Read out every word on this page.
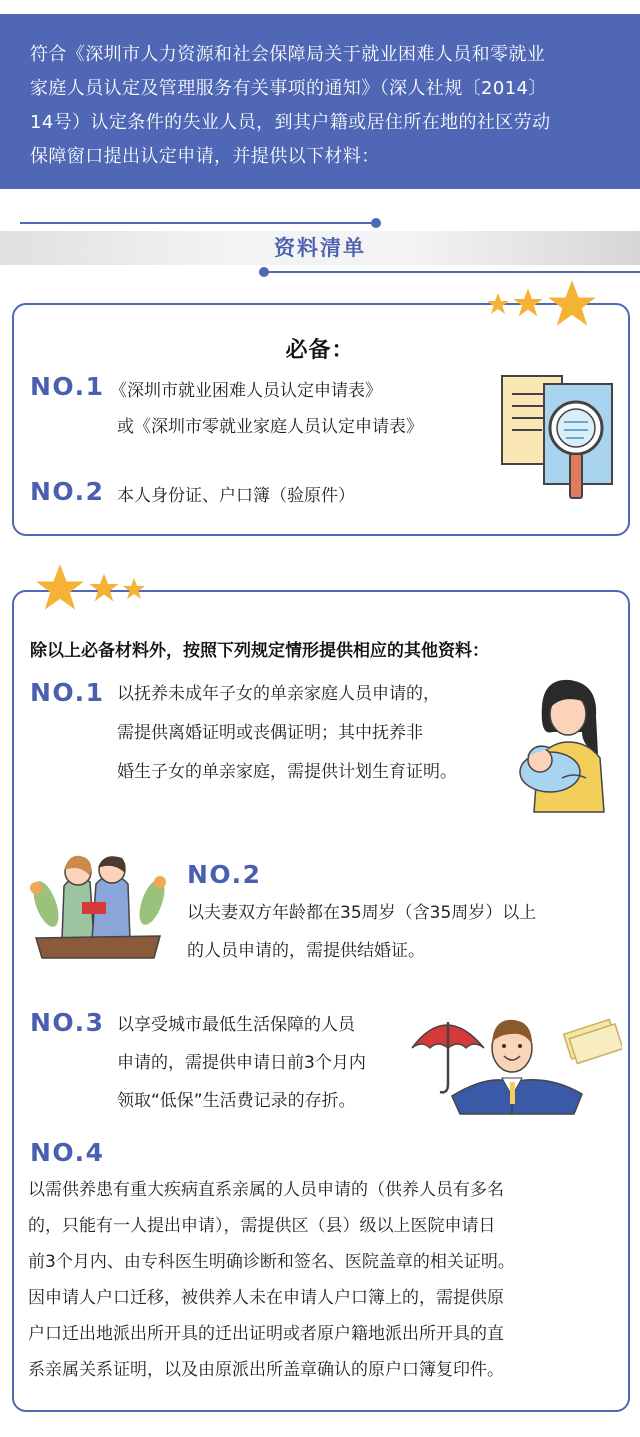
符合《深圳市人力资源和社会保障局关于就业困难人员和零就业

家庭人员认定及管理服务有关事项的通知》（深人社规〔2014〕

14号）认定条件的失业人员，到其户籍或居住所在地的社区劳动

保障窗口提出认定申请，并提供以下材料：

资料清单
必备：
NO.1 《深圳市就业困难人员认定申请表》
或《深圳市零就业家庭人员认定申请表》
NO.2 本人身份证、户口簿（验原件）
除以上必备材料外，按照下列规定情形提供相应的其他资料：
NO.1 以抚养未成年子女的单亲家庭人员申请的，
需提供离婚证明或丧偶证明；其中抚养非
婚生子女的单亲家庭，需提供计划生育证明。
NO.2
以夫妻双方年龄都在35周岁（含35周岁）以上
的人员申请的，需提供结婚证。
NO.3 以享受城市最低生活保障的人员
申请的，需提供申请日前3个月内
领取“低保”生活费记录的存折。
NO.4
以需供养患有重大疾病直系亲属的人员申请的（供养人员有多名
的，只能有一人提出申请），需提供区（县）级以上医院申请日
前3个月内、由专科医生明确诊断和签名、医院盖章的相关证明。
因申请人户口迁移，被供养人未在申请人户口簿上的，需提供原
户口迁出地派出所开具的迁出证明或者原户籍地派出所开具的直
系亲属关系证明，以及由原派出所盖章确认的原户口簿复印件。
